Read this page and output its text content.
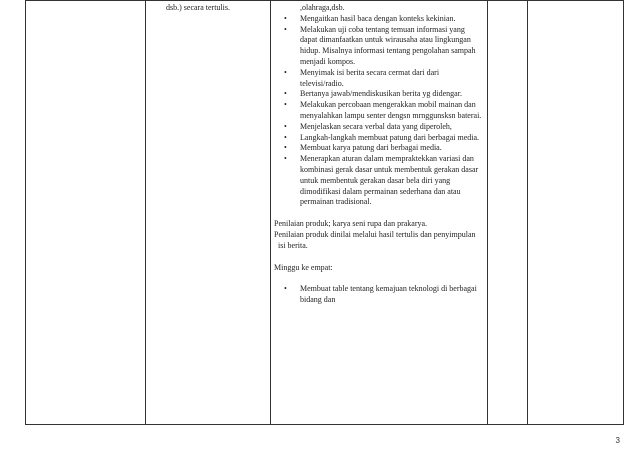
dsb.) secara tertulis.	,olahraga,dsb.

• Mengaitkan hasil baca dengan konteks kekinian.
• Melakukan uji coba tentang temuan informasi yang dapat dimanfaatkan untuk wirausaha atau lingkungan hidup. Misalnya informasi tentang pengolahan sampah menjadi kompos.
• Menyimak isi berita secara cermat dari dari televisi/radio.
• Bertanya jawab/mendiskusikan berita yg didengar.
• Melakukan percobaan mengerakkan mobil mainan dan menyalahkan lampu senter dengsn mrnggunsksn baterai.
• Menjelaskan secara verbal data yang diperoleh,
• Langkah-langkah membuat patung dari berbagai media.
• Membuat karya patung dari berbagai media.
• Menerapkan aturan dalam mempraktekkan variasi dan kombinasi gerak dasar untuk membentuk gerakan dasar untuk membentuk gerakan dasar bela diri yang dimodifikasi dalam permainan sederhana dan atau permainan tradisional.

Penilaian produk; karya seni rupa dan prakarya.

Penilaian produk dinilai melalui hasil tertulis dan penyimpulan isi berita.

Minggu ke empat:

• Membuat table tentang kemajuan teknologi di berbagai bidang dan

3
